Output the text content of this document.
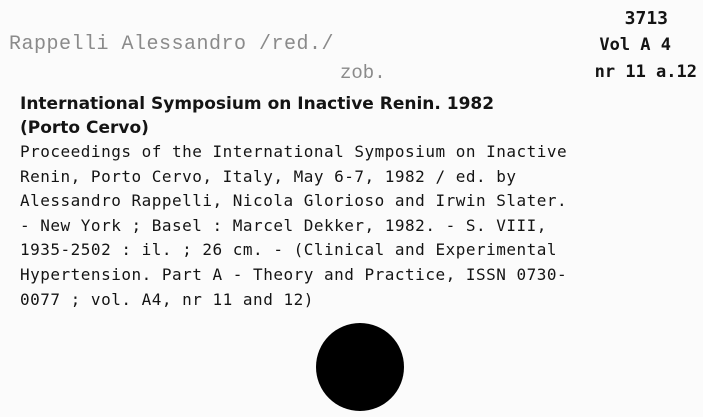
3713
Vol A 4
nr 11 a.12
Rappelli Alessandro /red./
zob.
International Symposium on Inactive Renin. 1982
(Porto Cervo)
Proceedings of the International Symposium on Inactive
Renin, Porto Cervo, Italy, May 6-7, 1982 / ed. by
Alessandro Rappelli, Nicola Glorioso and Irwin Slater.
- New York ; Basel : Marcel Dekker, 1982. - S. VIII,
1935-2502 : il. ; 26 cm. - (Clinical and Experimental
Hypertension. Part A - Theory and Practice, ISSN 0730-
0077 ; vol. A4, nr 11 and 12)
